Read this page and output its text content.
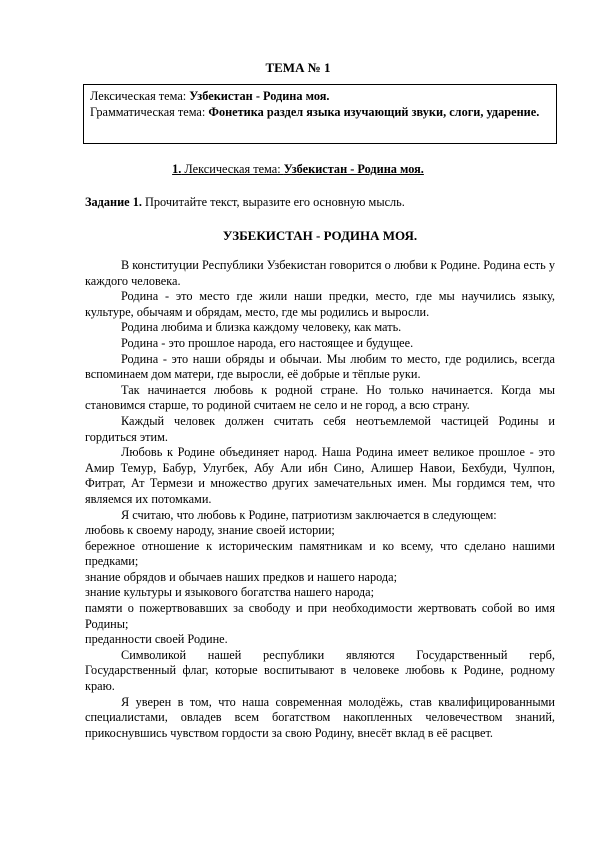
ТЕМА № 1

Лексическая тема: Узбекистан - Родина моя.

Грамматическая тема: Фонетика раздел языка изучающий звуки, слоги, ударение.

1. Лексическая тема: Узбекистан - Родина моя.
Задание 1. Прочитайте текст, выразите его основную мысль.
УЗБЕКИСТАН - РОДИНА МОЯ.

В конституции Республики Узбекистан говорится о любви к Родине. Родина есть у каждого человека.

Родина - это место где жили наши предки, место, где мы научились языку, культуре, обычаям и обрядам, место, где мы родились и выросли.

Родина любима и близка каждому человеку, как мать.

Родина - это прошлое народа, его настоящее и будущее.

Родина - это наши обряды и обычаи. Мы любим то место, где родились, всегда вспоминаем дом матери, где выросли, её добрые и тёплые руки.

Так начинается любовь к родной стране. Но только начинается. Когда мы становимся старше, то родиной считаем не село и не город, а всю страну.

Каждый человек должен считать себя неотъемлемой частицей Родины и гордиться этим.

Любовь к Родине объединяет народ. Наша Родина имеет великое прошлое - это Амир Темур, Бабур, Улугбек, Абу Али ибн Сино, Алишер Навои, Бехбуди, Чулпон, Фитрат, Ат Термези и множество других замечательных имен. Мы гордимся тем, что являемся их потомками.

Я считаю, что любовь к Родине, патриотизм заключается в следующем:

любовь к своему народу, знание своей истории;

бережное отношение к историческим памятникам и ко всему, что сделано нашими предками;

знание обрядов и обычаев наших предков и нашего народа;

знание культуры и языкового богатства нашего народа;

памяти о пожертвовавших за свободу и при необходимости жертвовать собой во имя Родины;

преданности своей Родине.

Символикой нашей республики являются Государственный герб, Государственный флаг, которые воспитывают в человеке любовь к Родине, родному краю.

Я уверен в том, что наша современная молодёжь, став квалифицированными специалистами, овладев всем богатством накопленных человечеством знаний, прикоснувшись чувством гордости за свою Родину, внесёт вклад в её расцвет.
